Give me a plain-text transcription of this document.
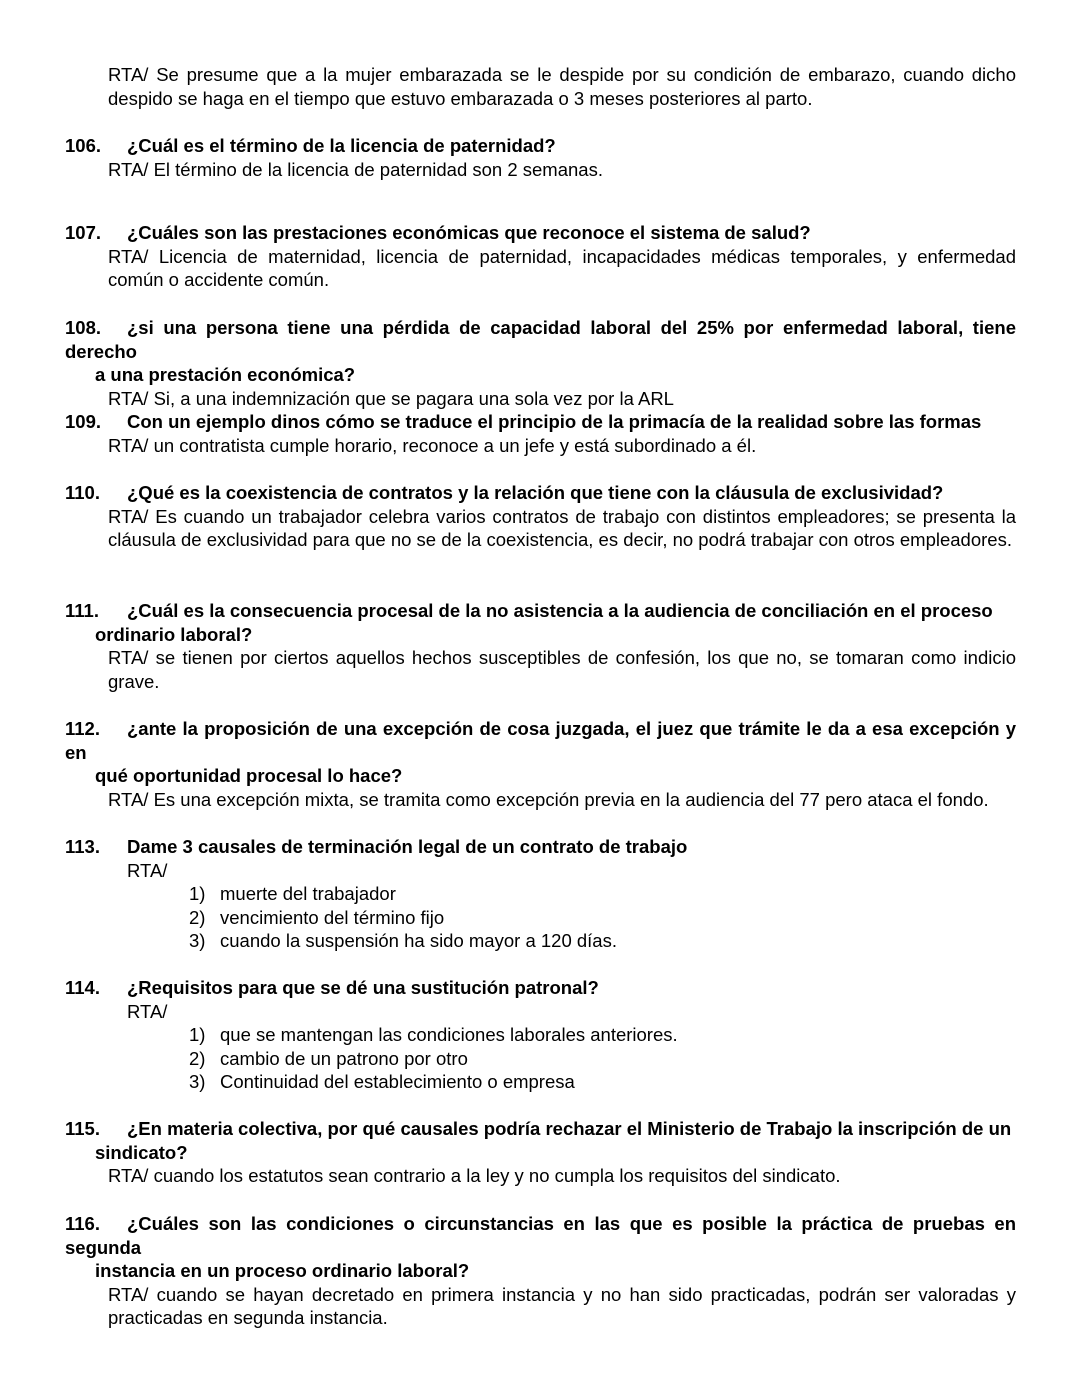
RTA/ Se presume que a la mujer embarazada se le despide por su condición de embarazo, cuando dicho despido se haga en el tiempo que estuvo embarazada o 3 meses posteriores al parto.
106. ¿Cuál es el término de la licencia de paternidad?
RTA/ El término de la licencia de paternidad son 2 semanas.
107. ¿Cuáles son las prestaciones económicas que reconoce el sistema de salud?
RTA/ Licencia de maternidad, licencia de paternidad, incapacidades médicas temporales, y enfermedad común o accidente común.
108. ¿si una persona tiene una pérdida de capacidad laboral del 25% por enfermedad laboral, tiene derecho
a una prestación económica?
RTA/ Si, a una indemnización que se pagara una sola vez por la ARL
109. Con un ejemplo dinos cómo se traduce el principio de la primacía de la realidad sobre las formas
RTA/ un contratista cumple horario, reconoce a un jefe y está subordinado a él.
110. ¿Qué es la coexistencia de contratos y la relación que tiene con la cláusula de exclusividad?
RTA/ Es cuando un trabajador celebra varios contratos de trabajo con distintos empleadores; se presenta la cláusula de exclusividad para que no se de la coexistencia, es decir, no podrá trabajar con otros empleadores.
111. ¿Cuál es la consecuencia procesal de la no asistencia a la audiencia de conciliación en el proceso
ordinario laboral?
RTA/ se tienen por ciertos aquellos hechos susceptibles de confesión, los que no, se tomaran como indicio grave.
112. ¿ante la proposición de una excepción de cosa juzgada, el juez que trámite le da a esa excepción y en
qué oportunidad procesal lo hace?
RTA/ Es una excepción mixta, se tramita como excepción previa en la audiencia del 77 pero ataca el fondo.
113. Dame 3 causales de terminación legal de un contrato de trabajo
RTA/
1) muerte del trabajador
2) vencimiento del término fijo
3) cuando la suspensión ha sido mayor a 120 días.
114. ¿Requisitos para que se dé una sustitución patronal?
RTA/
1) que se mantengan las condiciones laborales anteriores.
2) cambio de un patrono por otro
3) Continuidad del establecimiento o empresa
115. ¿En materia colectiva, por qué causales podría rechazar el Ministerio de Trabajo la inscripción de un
sindicato?
RTA/ cuando los estatutos sean contrario a la ley y no cumpla los requisitos del sindicato.
116. ¿Cuáles son las condiciones o circunstancias en las que es posible la práctica de pruebas en segunda
instancia en un proceso ordinario laboral?
RTA/ cuando se hayan decretado en primera instancia y no han sido practicadas, podrán ser valoradas y practicadas en segunda instancia.
